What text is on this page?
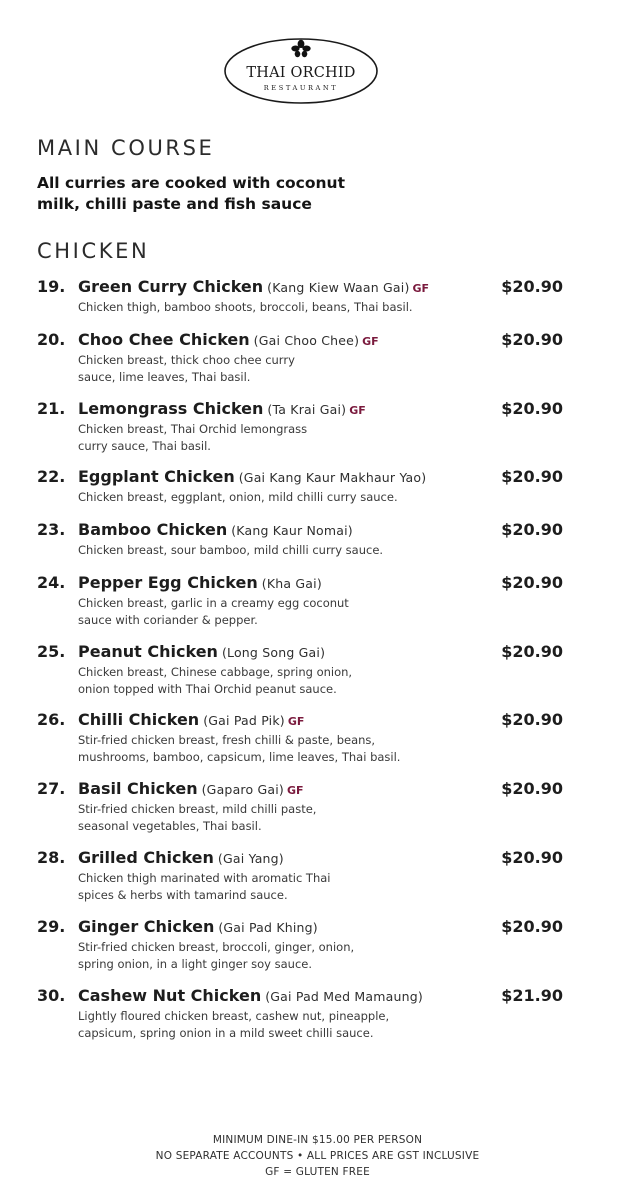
THAI ORCHID
RESTAURANT
MAIN COURSE

All curries are cooked with coconut milk, chilli paste and fish sauce

CHICKEN
19. Green Curry Chicken (Kang Kiew Waan Gai) GF	$20.90
Chicken thigh, bamboo shoots, broccoli, beans, Thai basil.
20. Choo Chee Chicken (Gai Choo Chee) GF	$20.90
Chicken breast, thick choo chee curry
sauce, lime leaves, Thai basil.
21. Lemongrass Chicken (Ta Krai Gai) GF	$20.90
Chicken breast, Thai Orchid lemongrass
curry sauce, Thai basil.
22. Eggplant Chicken (Gai Kang Kaur Makhaur Yao)	$20.90
Chicken breast, eggplant, onion, mild chilli curry sauce.
23. Bamboo Chicken (Kang Kaur Nomai)	$20.90
Chicken breast, sour bamboo, mild chilli curry sauce.
24. Pepper Egg Chicken (Kha Gai)	$20.90
Chicken breast, garlic in a creamy egg coconut
sauce with coriander & pepper.
25. Peanut Chicken (Long Song Gai)	$20.90
Chicken breast, Chinese cabbage, spring onion,
onion topped with Thai Orchid peanut sauce.
26. Chilli Chicken (Gai Pad Pik) GF	$20.90
Stir-fried chicken breast, fresh chilli & paste, beans,
mushrooms, bamboo, capsicum, lime leaves, Thai basil.
27. Basil Chicken (Gaparo Gai) GF	$20.90
Stir-fried chicken breast, mild chilli paste,
seasonal vegetables, Thai basil.
28. Grilled Chicken (Gai Yang)	$20.90
Chicken thigh marinated with aromatic Thai
spices & herbs with tamarind sauce.
29. Ginger Chicken (Gai Pad Khing)	$20.90
Stir-fried chicken breast, broccoli, ginger, onion,
spring onion, in a light ginger soy sauce.
30. Cashew Nut Chicken (Gai Pad Med Mamaung)	$21.90
Lightly floured chicken breast, cashew nut, pineapple,
capsicum, spring onion in a mild sweet chilli sauce.
MINIMUM DINE-IN $15.00 PER PERSON
NO SEPARATE ACCOUNTS • ALL PRICES ARE GST INCLUSIVE
GF = GLUTEN FREE
